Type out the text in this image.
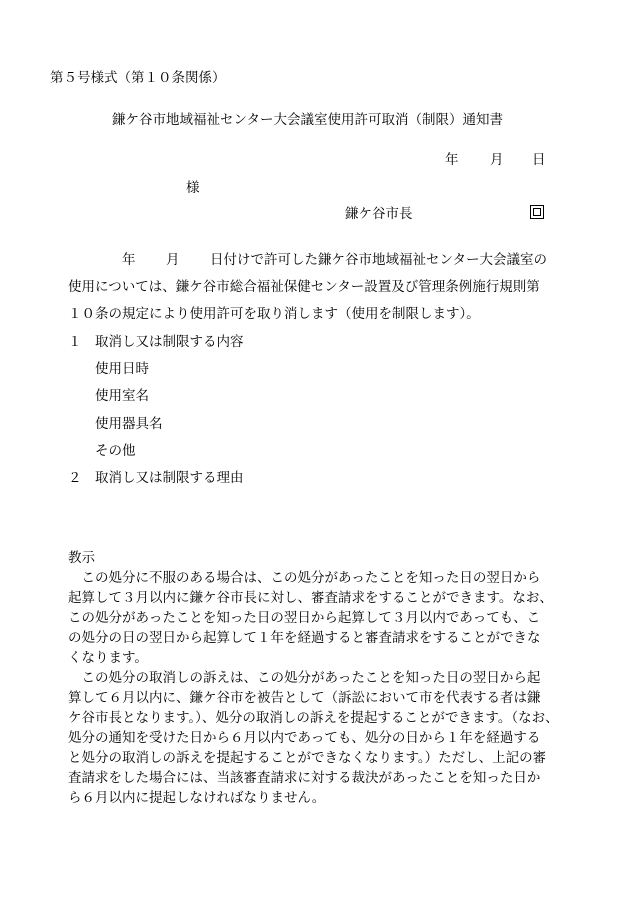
第５号様式（第１０条関係）
鎌ケ谷市地域福祉センター大会議室使用許可取消（制限）通知書
年 月 日
様
鎌ケ谷市長
年 月 日付けで許可した鎌ケ谷市地域福祉センター大会議室の
使用については、鎌ケ谷市総合福祉保健センター設置及び管理条例施行規則第
１０条の規定により使用許可を取り消します（使用を制限します）。
１ 取消し又は制限する内容
使用日時
使用室名
使用器具名
その他
２ 取消し又は制限する理由
教示
　この処分に不服のある場合は、この処分があったことを知った日の翌日から
起算して３月以内に鎌ケ谷市長に対し、審査請求をすることができます。なお、
この処分があったことを知った日の翌日から起算して３月以内であっても、こ
の処分の日の翌日から起算して１年を経過すると審査請求をすることができな
くなります。
　この処分の取消しの訴えは、この処分があったことを知った日の翌日から起
算して６月以内に、鎌ケ谷市を被告として（訴訟において市を代表する者は鎌
ケ谷市長となります。）、処分の取消しの訴えを提起することができます。（なお、
処分の通知を受けた日から６月以内であっても、処分の日から１年を経過する
と処分の取消しの訴えを提起することができなくなります。）ただし、上記の審
査請求をした場合には、当該審査請求に対する裁決があったことを知った日か
ら６月以内に提起しなければなりません。
